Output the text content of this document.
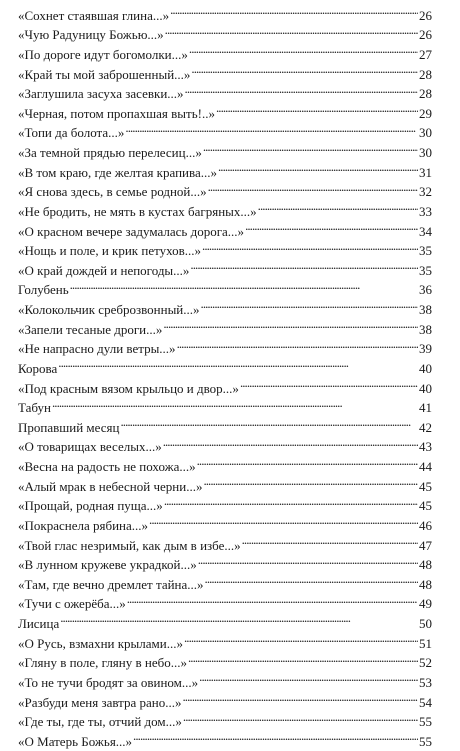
«Сохнет стаявшая глина...» . . .	26
«Чую Радуницу Божью...» . . .	26
«По дороге идут богомолки...» . . .	27
«Край ты мой заброшенный...» . . .	28
«Заглушила засуха засевки...» . . .	28
«Черная, потом пропахшая выть!..» . . .	29
«Топи да болота...» . . .	30
«За темной прядью перелесиц...» . . .	30
«В том краю, где желтая крапива...» . . .	31
«Я снова здесь, в семье родной...» . . .	32
«Не бродить, не мять в кустах багряных...» . . .	33
«О красном вечере задумалась дорога...» . . .	34
«Нощь и поле, и крик петухов...» . . .	35
«О край дождей и непогоды...» . . .	35
Голубень . . .	36
«Колокольчик среброзвонный...» . . .	38
«Запели тесаные дроги...» . . .	38
«Не напрасно дули ветры...» . . .	39
Корова . . .	40
«Под красным вязом крыльцо и двор...» . . .	40
Табун . . .	41
Пропавший месяц . . .	42
«О товарищах веселых...» . . .	43
«Весна на радость не похожа...» . . .	44
«Алый мрак в небесной черни...» . . .	45
«Прощай, родная пуща...» . . .	45
«Покраснела рябина...» . . .	46
«Твой глас незримый, как дым в избе...» . . .	47
«В лунном кружеве украдкой...» . . .	48
«Там, где вечно дремлет тайна...» . . .	48
«Тучи с ожерёба...» . . .	49
Лисица . . .	50
«О Русь, взмахни крылами...» . . .	51
«Гляну в поле, гляну в небо...» . . .	52
«То не тучи бродят за овином...» . . .	53
«Разбуди меня завтра рано...» . . .	54
«Где ты, где ты, отчий дом...» . . .	55
«О Матерь Божья...» . . .	55
